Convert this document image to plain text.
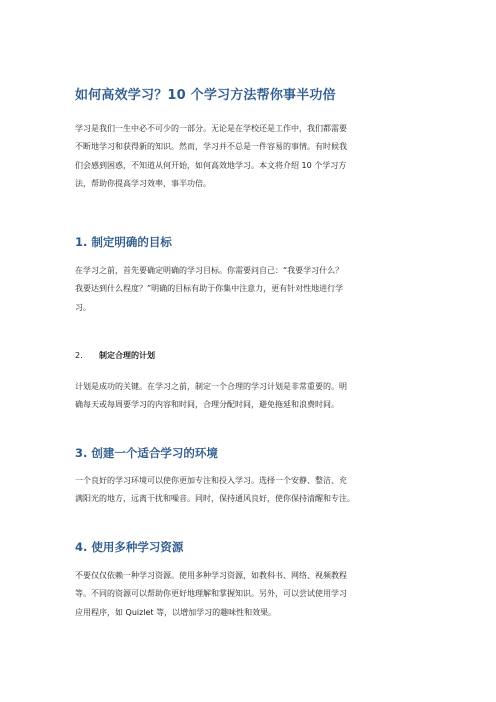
如何高效学习？10 个学习方法帮你事半功倍
学习是我们一生中必不可少的一部分。无论是在学校还是工作中，我们都需要
不断地学习和获得新的知识。然而，学习并不总是一件容易的事情。有时候我
们会感到困惑，不知道从何开始，如何高效地学习。本文将介绍 10 个学习方
法，帮助你提高学习效率，事半功倍。
1. 制定明确的目标
在学习之前，首先要确定明确的学习目标。你需要问自己：“我要学习什么？
我要达到什么程度？”明确的目标有助于你集中注意力，更有针对性地进行学
习。
2. 制定合理的计划
计划是成功的关键。在学习之前，制定一个合理的学习计划是非常重要的。明
确每天或每周要学习的内容和时间，合理分配时间，避免拖延和浪费时间。
3. 创建一个适合学习的环境
一个良好的学习环境可以使你更加专注和投入学习。选择一个安静、整洁、充
满阳光的地方，远离干扰和噪音。同时，保持通风良好，使你保持清醒和专注。
4. 使用多种学习资源
不要仅仅依赖一种学习资源。使用多种学习资源，如教科书、网络、视频教程
等。不同的资源可以帮助你更好地理解和掌握知识。另外，可以尝试使用学习
应用程序，如 Quizlet 等，以增加学习的趣味性和效果。
